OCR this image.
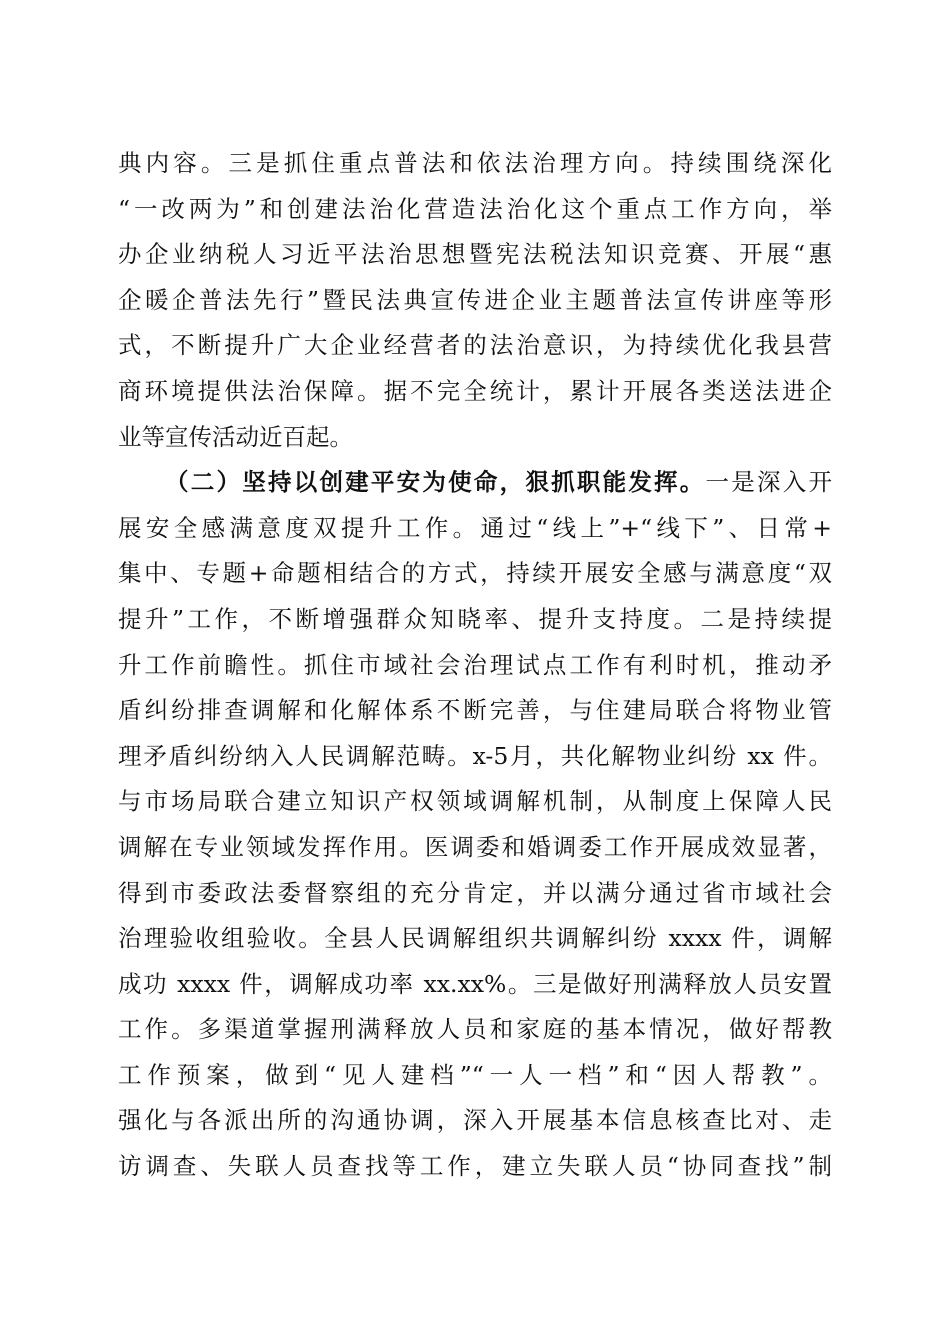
典内容。三是抓住重点普法和依法治理方向。持续围绕深化
“一改两为”和创建法治化营造法治化这个重点工作方向，举
办企业纳税人习近平法治思想暨宪法税法知识竞赛、开展“惠
企暖企普法先行”暨民法典宣传进企业主题普法宣传讲座等形
式，不断提升广大企业经营者的法治意识，为持续优化我县营
商环境提供法治保障。据不完全统计，累计开展各类送法进企
业等宣传活动近百起。
（二）坚持以创建平安为使命，狠抓职能发挥。一是深入开
展安全感满意度双提升工作。通过“线上”+“线下”、日常+
集中、专题+命题相结合的方式，持续开展安全感与满意度“双
提升”工作，不断增强群众知晓率、提升支持度。二是持续提
升工作前瞻性。抓住市域社会治理试点工作有利时机，推动矛
盾纠纷排查调解和化解体系不断完善，与住建局联合将物业管
理矛盾纠纷纳入人民调解范畴。x-5月，共化解物业纠纷 xx 件。
与市场局联合建立知识产权领域调解机制，从制度上保障人民
调解在专业领域发挥作用。医调委和婚调委工作开展成效显著，
得到市委政法委督察组的充分肯定，并以满分通过省市域社会
治理验收组验收。全县人民调解组织共调解纠纷 xxxx 件，调解
成功 xxxx 件，调解成功率 xx.xx%。三是做好刑满释放人员安置
工作。多渠道掌握刑满释放人员和家庭的基本情况，做好帮教
工作预案，做到“见人建档”“一人一档”和“因人帮教”。
强化与各派出所的沟通协调，深入开展基本信息核查比对、走
访调查、失联人员查找等工作，建立失联人员“协同查找”制
